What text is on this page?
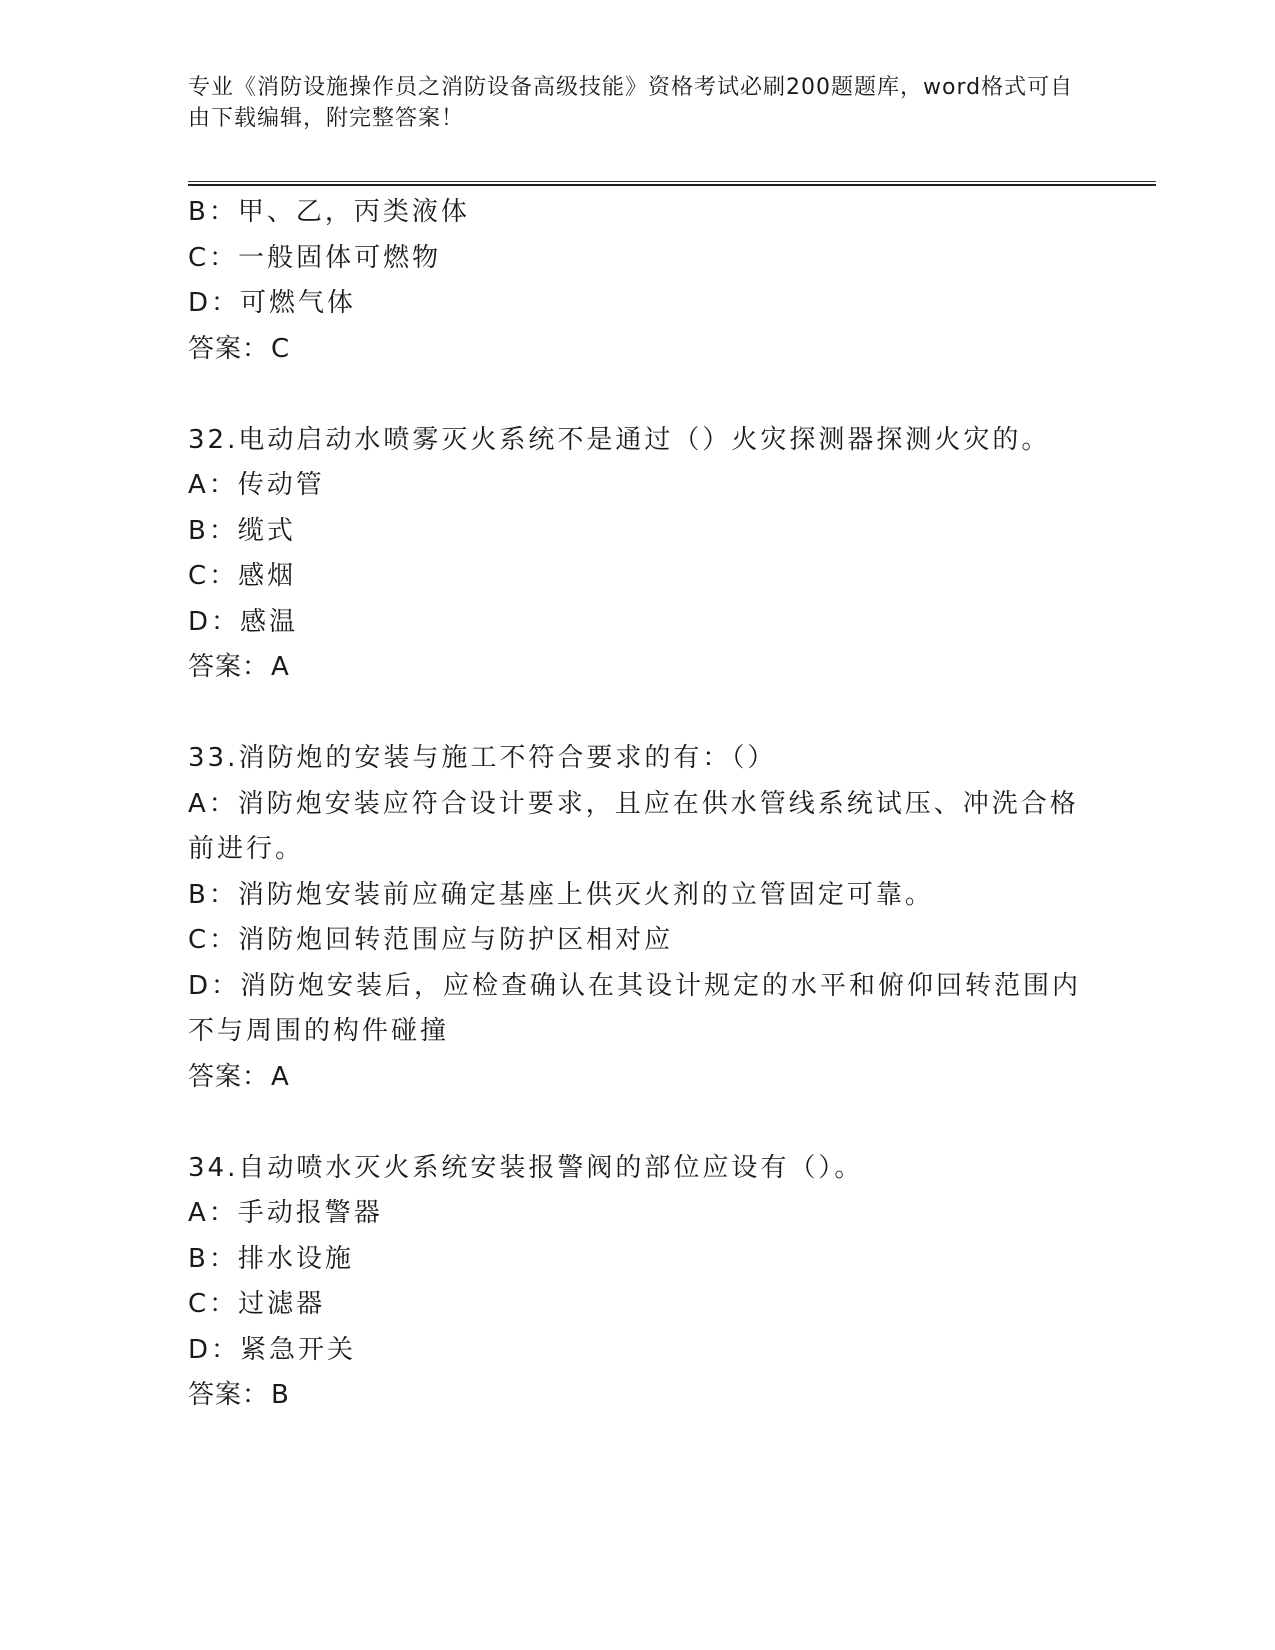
专业《消防设施操作员之消防设备高级技能》资格考试必刷200题题库，word格式可自由下载编辑，附完整答案！
B：甲、乙，丙类液体
C：一般固体可燃物
D：可燃气体
答案：C
32.电动启动水喷雾灭火系统不是通过（）火灾探测器探测火灾的。
A：传动管
B：缆式
C：感烟
D：感温
答案：A
33.消防炮的安装与施工不符合要求的有：（）
A：消防炮安装应符合设计要求，且应在供水管线系统试压、冲洗合格前进行。
B：消防炮安装前应确定基座上供灭火剂的立管固定可靠。
C：消防炮回转范围应与防护区相对应
D：消防炮安装后，应检查确认在其设计规定的水平和俯仰回转范围内不与周围的构件碰撞
答案：A
34.自动喷水灭火系统安装报警阀的部位应设有（）。
A：手动报警器
B：排水设施
C：过滤器
D：紧急开关
答案：B
